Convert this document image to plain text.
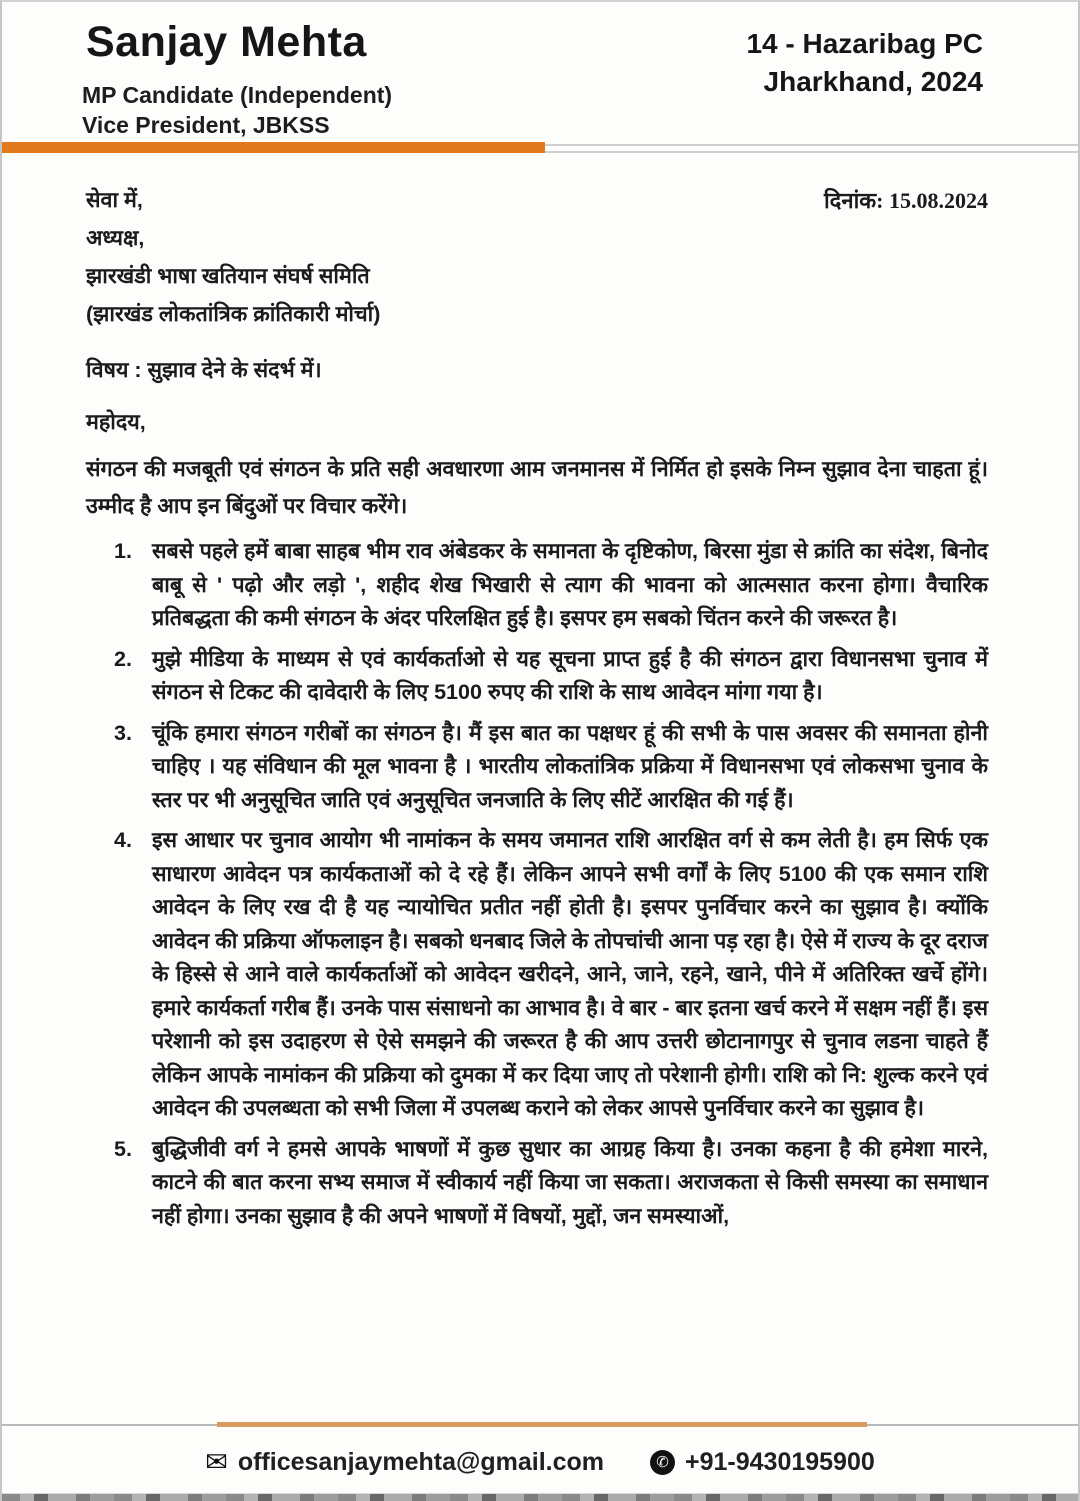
Sanjay Mehta
MP Candidate (Independent)
Vice President, JBKSS
14 - Hazaribag PC
Jharkhand, 2024
सेवा में,	दिनांक: 15.08.2024

अध्यक्ष,

झारखंडी भाषा खतियान संघर्ष समिति

(झारखंड लोकतांत्रिक क्रांतिकारी मोर्चा)

विषय : सुझाव देने के संदर्भ में।
महोदय,
संगठन की मजबूती एवं संगठन के प्रति सही अवधारणा आम जनमानस में निर्मित हो इसके निम्न सुझाव देना चाहता हूं। उम्मीद है आप इन बिंदुओं पर विचार करेंगे।
1. सबसे पहले हमें बाबा साहब भीम राव अंबेडकर के समानता के दृष्टिकोण, बिरसा मुंडा से क्रांति का संदेश, बिनोद बाबू से ' पढ़ो और लड़ो ', शहीद शेख भिखारी से त्याग की भावना को आत्मसात करना होगा। वैचारिक प्रतिबद्धता की कमी संगठन के अंदर परिलक्षित हुई है। इसपर हम सबको चिंतन करने की जरूरत है।
2. मुझे मीडिया के माध्यम से एवं कार्यकर्ताओ से यह सूचना प्राप्त हुई है की संगठन द्वारा विधानसभा चुनाव में संगठन से टिकट की दावेदारी के लिए 5100 रुपए की राशि के साथ आवेदन मांगा गया है।
3. चूंकि हमारा संगठन गरीबों का संगठन है। मैं इस बात का पक्षधर हूं की सभी के पास अवसर की समानता होनी चाहिए । यह संविधान की मूल भावना है । भारतीय लोकतांत्रिक प्रक्रिया में विधानसभा एवं लोकसभा चुनाव के स्तर पर भी अनुसूचित जाति एवं अनुसूचित जनजाति के लिए सीटें आरक्षित की गई हैं।
4. इस आधार पर चुनाव आयोग भी नामांकन के समय जमानत राशि आरक्षित वर्ग से कम लेती है। हम सिर्फ एक साधारण आवेदन पत्र कार्यकताओं को दे रहे हैं। लेकिन आपने सभी वर्गों के लिए 5100 की एक समान राशि आवेदन के लिए रख दी है यह न्यायोचित प्रतीत नहीं होती है। इसपर पुनर्विचार करने का सुझाव है। क्योंकि आवेदन की प्रक्रिया ऑफलाइन है। सबको धनबाद जिले के तोपचांची आना पड़ रहा है। ऐसे में राज्य के दूर दराज के हिस्से से आने वाले कार्यकर्ताओं को आवेदन खरीदने, आने, जाने, रहने, खाने, पीने में अतिरिक्त खर्चे होंगे। हमारे कार्यकर्ता गरीब हैं। उनके पास संसाधनो का आभाव है। वे बार - बार इतना खर्च करने में सक्षम नहीं हैं। इस परेशानी को इस उदाहरण से ऐसे समझने की जरूरत है की आप उत्तरी छोटानागपुर से चुनाव लडना चाहते हैं लेकिन आपके नामांकन की प्रक्रिया को दुमका में कर दिया जाए तो परेशानी होगी। राशि को नि: शुल्क करने एवं आवेदन की उपलब्धता को सभी जिला में उपलब्ध कराने को लेकर आपसे पुनर्विचार करने का सुझाव है।
5. बुद्धिजीवी वर्ग ने हमसे आपके भाषणों में कुछ सुधार का आग्रह किया है। उनका कहना है की हमेशा मारने, काटने की बात करना सभ्य समाज में स्वीकार्य नहीं किया जा सकता। अराजकता से किसी समस्या का समाधान नहीं होगा। उनका सुझाव है की अपने भाषणों में विषयों, मुद्दों, जन समस्याओं,
✉ officesanjaymehta@gmail.com	✆ +91-9430195900
